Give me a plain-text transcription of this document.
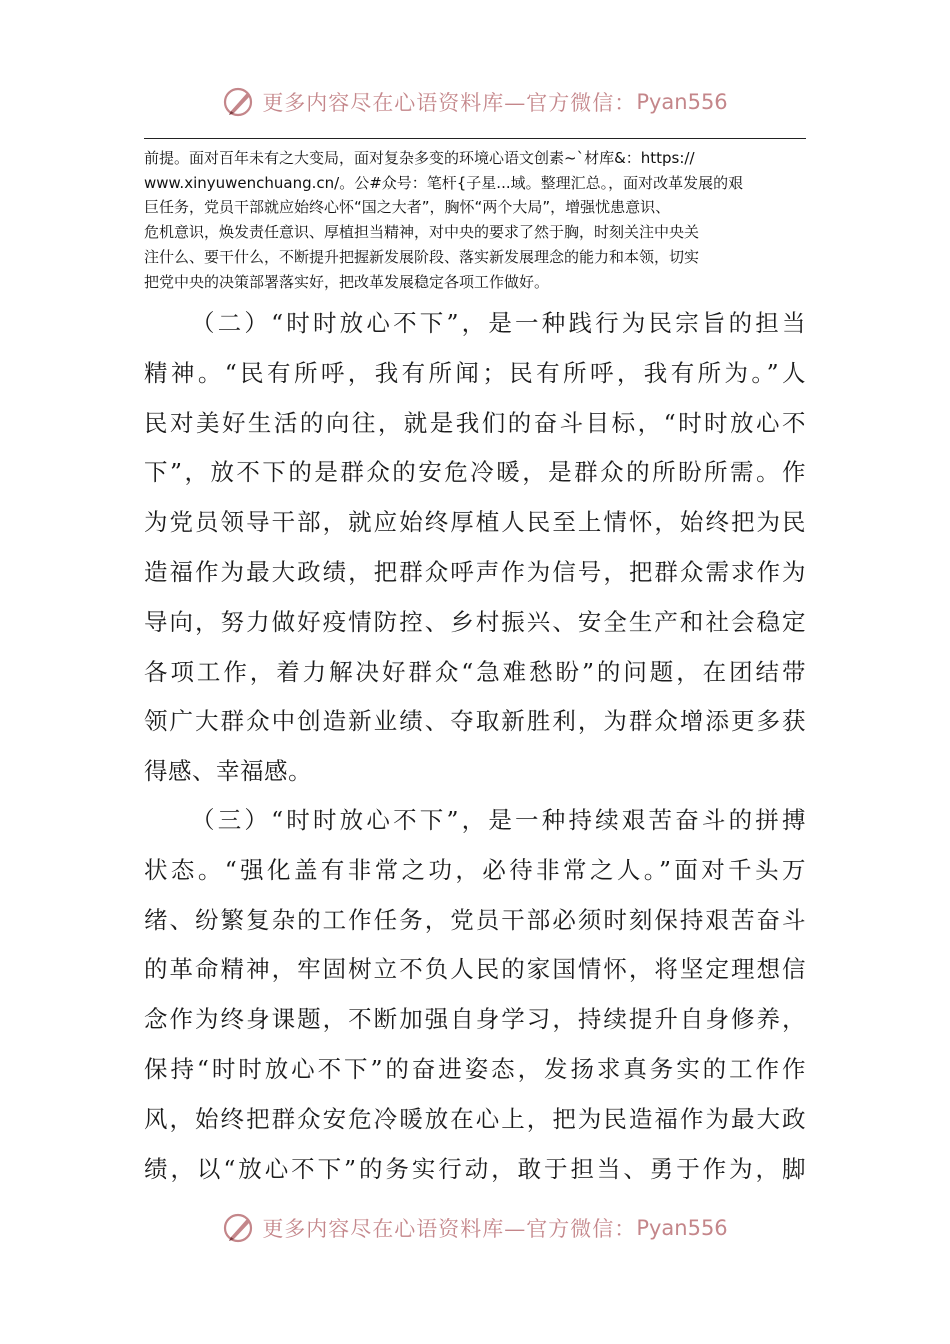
更多内容尽在心语资料库—官方微信： Pyan556
前提。面对百年未有之大变局，面对复杂多变的环境心语文创素~`材库&：https://
www.xinyuwenchuang.cn/。公#众号：笔杆{子星...域。整理汇总。，面对改革发展的艰
巨任务，党员干部就应始终心怀“国之大者”，胸怀“两个大局”，增强忧患意识、
危机意识，焕发责任意识、厚植担当精神，对中央的要求了然于胸，时刻关注中央关
注什么、要干什么，不断提升把握新发展阶段、落实新发展理念的能力和本领，切实
把党中央的决策部署落实好，把改革发展稳定各项工作做好。
（二）“时时放心不下”，是一种践行为民宗旨的担当
精神。“民有所呼，我有所闻；民有所呼，我有所为。”人
民对美好生活的向往，就是我们的奋斗目标，“时时放心不
下”，放不下的是群众的安危冷暖，是群众的所盼所需。作
为党员领导干部，就应始终厚植人民至上情怀，始终把为民
造福作为最大政绩，把群众呼声作为信号，把群众需求作为
导向，努力做好疫情防控、乡村振兴、安全生产和社会稳定
各项工作，着力解决好群众“急难愁盼”的问题，在团结带
领广大群众中创造新业绩、夺取新胜利，为群众增添更多获
得感、幸福感。
（三）“时时放心不下”，是一种持续艰苦奋斗的拼搏
状态。“强化盖有非常之功，必待非常之人。”面对千头万
绪、纷繁复杂的工作任务，党员干部必须时刻保持艰苦奋斗
的革命精神，牢固树立不负人民的家国情怀，将坚定理想信
念作为终身课题，不断加强自身学习，持续提升自身修养，
保持“时时放心不下”的奋进姿态，发扬求真务实的工作作
风，始终把群众安危冷暖放在心上，把为民造福作为最大政
绩，以“放心不下”的务实行动，敢于担当、勇于作为，脚
更多内容尽在心语资料库—官方微信： Pyan556
